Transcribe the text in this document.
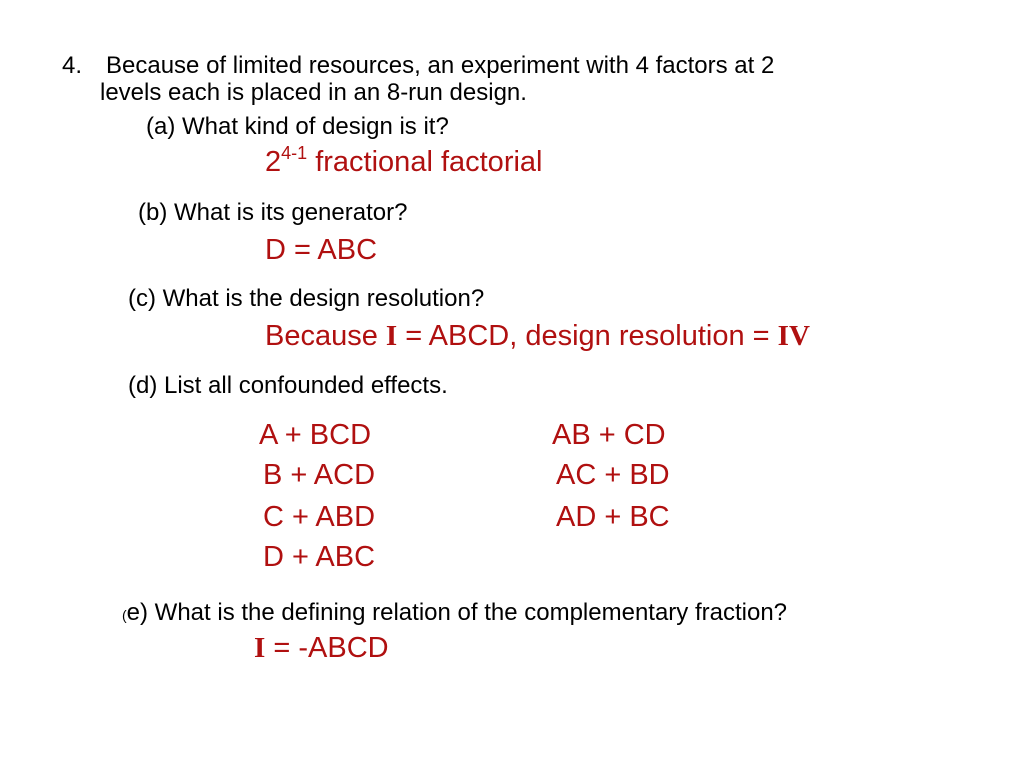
4. Because of limited resources, an experiment with 4 factors at 2
levels each is placed in an 8-run design.
(a) What kind of design is it?
2$^{4-1}$ fractional factorial
(b) What is its generator?
D = ABC
(c) What is the design resolution?
Because I = ABCD, design resolution = IV
(d) List all confounded effects.
A + BCD
B + ACD
C + ABD
D + ABC
AB + CD
AC + BD
AD + BC
(e) What is the defining relation of the complementary fraction?
I = -ABCD
